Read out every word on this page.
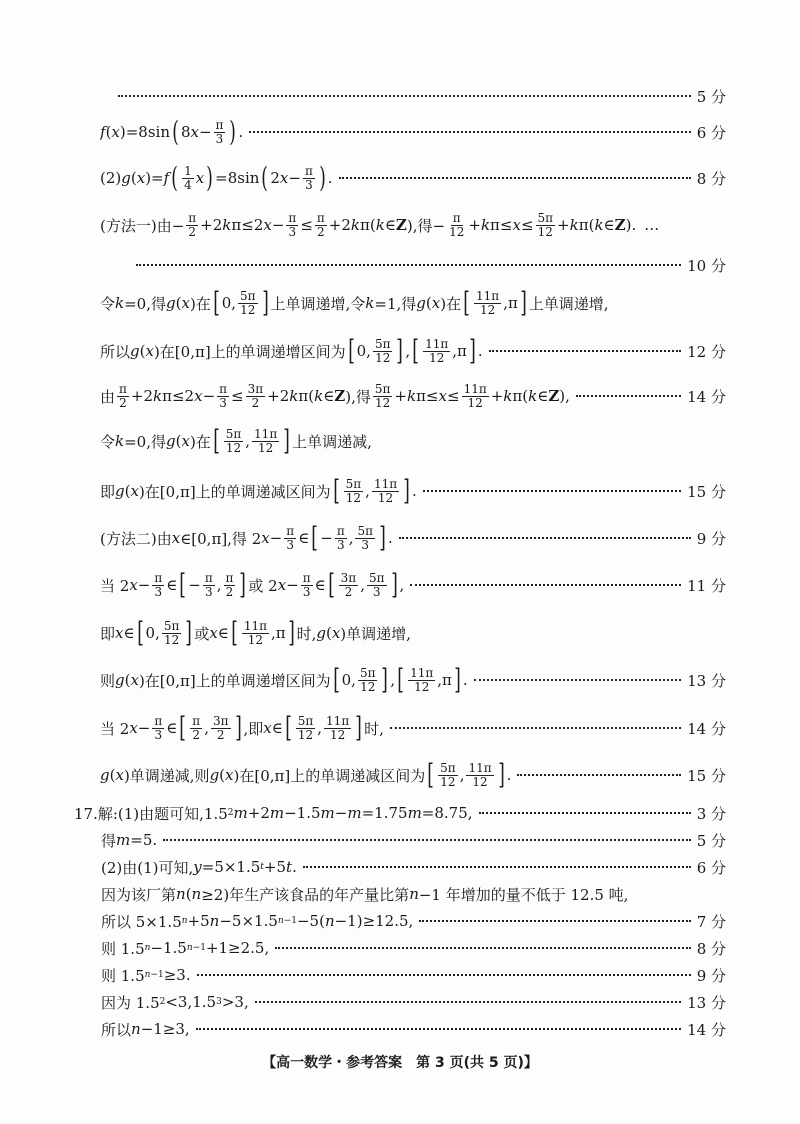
5 分
f ( x )=8sin ( 8 $x - \frac{\pi}{3}$ ) .	6 分
(2) g ( x )= f ( $\frac{1}{4}$ x ) =8sin ( 2 $x - \frac{\pi}{3}$ ) .	8 分
(方法一)由− $\frac{\pi}{2} +2$ k π≤2 $x - \frac{\pi}{3} \le \frac{\pi}{2} +2$ k π( k ∈ Z ),得− $\frac{\pi}{12} + k$ $\pi\le x \le \frac{5\pi}{12} + k$ π( k ∈ Z ). …
10 分
令 k =0,得 g ( x )在 [ 0, $\frac{5\pi}{12}$ ] 上单调递增,令 k =1,得 g ( x )在 [ $\frac{11\pi}{12} ,\pi$ ] 上单调递增,
所以 g ( x )在[0,π]上的单调递增区间为 [ 0, $\frac{5\pi}{12}$ ] , [ $\frac{11\pi}{12} ,\pi$ ] .	12 分
由 $\frac{\pi}{2} +2$ k π≤2 $x - \frac{\pi}{3} \le \frac{3\pi}{2} +2$ k π( k ∈ Z ),得 $\frac{5\pi}{12} + k$ $\pi\le x \le \frac{11\pi}{12} + k$ π( k ∈ Z ),	14 分
令 k =0,得 g ( x )在 [ $\frac{5\pi}{12}$ , $\frac{11\pi}{12}$ ] 上单调递减,
即 g ( x )在[0,π]上的单调递减区间为 [ $\frac{5\pi}{12}$ , $\frac{11\pi}{12}$ ] .	15 分
(方法二)由 x ∈[0,π],得 2 $x - \frac{\pi}{3}$ ∈ [ − $\frac{\pi}{3}$ , $\frac{5\pi}{3}$ ] .	9 分
当 2 $x - \frac{\pi}{3}$ ∈ [ − $\frac{\pi}{3}$ , $\frac{\pi}{2}$ ] 或 2 $x - \frac{\pi}{3}$ ∈ [ $\frac{3\pi}{2}$ , $\frac{5\pi}{3}$ ] ,	11 分
即 x ∈ [ 0, $\frac{5\pi}{12}$ ] 或 x ∈ [ $\frac{11\pi}{12} ,\pi$ ] 时, g ( x )单调递增,
则 g ( x )在[0,π]上的单调递增区间为 [ 0, $\frac{5\pi}{12}$ ] , [ $\frac{11\pi}{12} ,\pi$ ] .	13 分
当 2 $x - \frac{\pi}{3}$ ∈ [ $\frac{\pi}{2}$ , $\frac{3\pi}{2}$ ] ,即 x ∈ [ $\frac{5\pi}{12}$ , $\frac{11\pi}{12}$ ] 时,	14 分
g ( x )单调递减,则 g ( x )在[0,π]上的单调递减区间为 [ $\frac{5\pi}{12}$ , $\frac{11\pi}{12}$ ] .	15 分
17.解:(1)由题可知,1.5 2 m +2 m −1.5 m − m =1.75 m =8.75,	3 分
得 m =5.	5 分
(2)由(1)可知, y =5×1.5 t +5 t .	6 分
因为该厂第 n ( n ≥2)年生产该食品的年产量比第 n −1 年增加的量不低于 12.5 吨,
所以 5×1.5 n +5 n −5×1.5 n−1 −5( n −1)≥12.5,	7 分
则 1.5 n −1.5 n−1 +1≥2.5,	8 分
则 1.5 n−1 ≥3.	9 分
因为 1.5 2 <3,1.5 3 >3,	13 分
所以 n −1≥3,	14 分
【高一数学・参考答案　第 3 页(共 5 页)】
